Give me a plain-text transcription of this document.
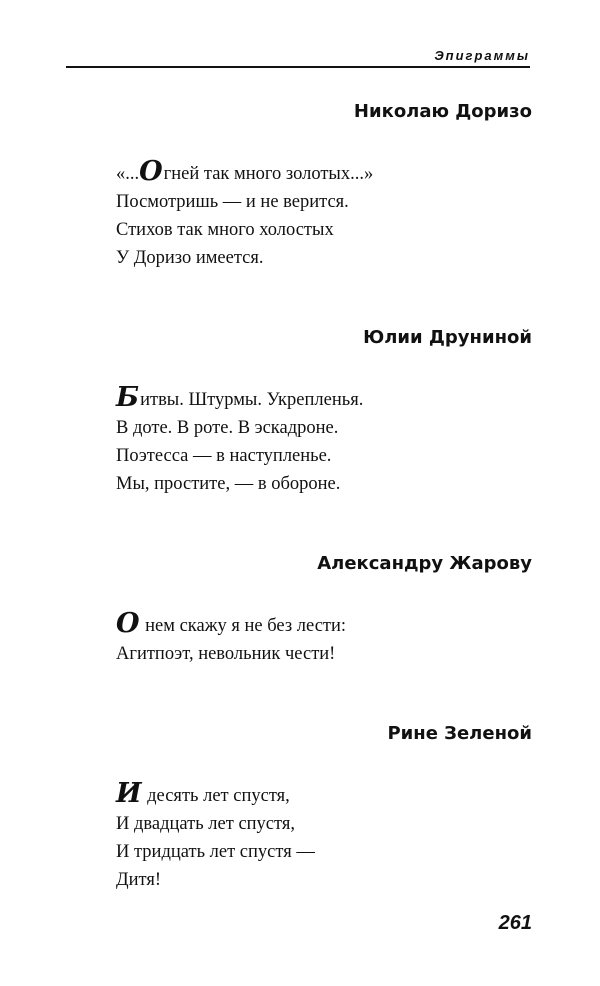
Эпиграммы
Николаю Доризо
«...Огней так много золотых...»
Посмотришь — и не верится.
Стихов так много холостых
У Доризо имеется.
Юлии Друниной
Битвы. Штурмы. Укрепленья.
В доте. В роте. В эскадроне.
Поэтесса — в наступленье.
Мы, простите, — в обороне.
Александру Жарову
О нем скажу я не без лести:
Агитпоэт, невольник чести!
Рине Зеленой
И десять лет спустя,
И двадцать лет спустя,
И тридцать лет спустя —
Дитя!
261
